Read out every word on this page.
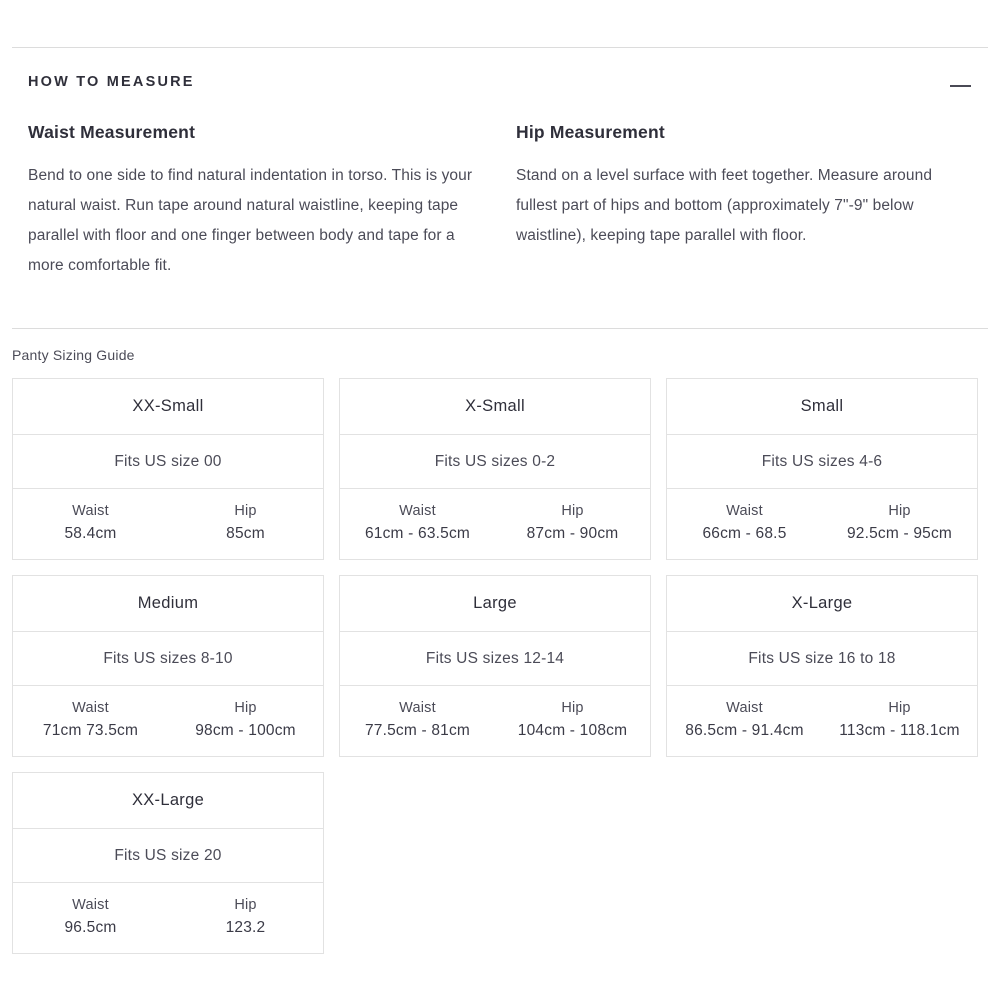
HOW TO MEASURE
Waist Measurement

Bend to one side to find natural indentation in torso. This is your natural waist. Run tape around natural waistline, keeping tape parallel with floor and one finger between body and tape for a more comfortable fit.

Hip Measurement

Stand on a level surface with feet together. Measure around fullest part of hips and bottom (approximately 7"-9" below waistline), keeping tape parallel with floor.

Panty Sizing Guide
XX-Small
Fits US size 00
Waist
58.4cm
Hip
85cm
X-Small
Fits US sizes 0-2
Waist
61cm - 63.5cm
Hip
87cm - 90cm
Small
Fits US sizes 4-6
Waist
66cm - 68.5
Hip
92.5cm - 95cm
Medium
Fits US sizes 8-10
Waist
71cm 73.5cm
Hip
98cm - 100cm
Large
Fits US sizes 12-14
Waist
77.5cm - 81cm
Hip
104cm - 108cm
X-Large
Fits US size 16 to 18
Waist
86.5cm - 91.4cm
Hip
113cm - 118.1cm
XX-Large
Fits US size 20
Waist
96.5cm
Hip
123.2
